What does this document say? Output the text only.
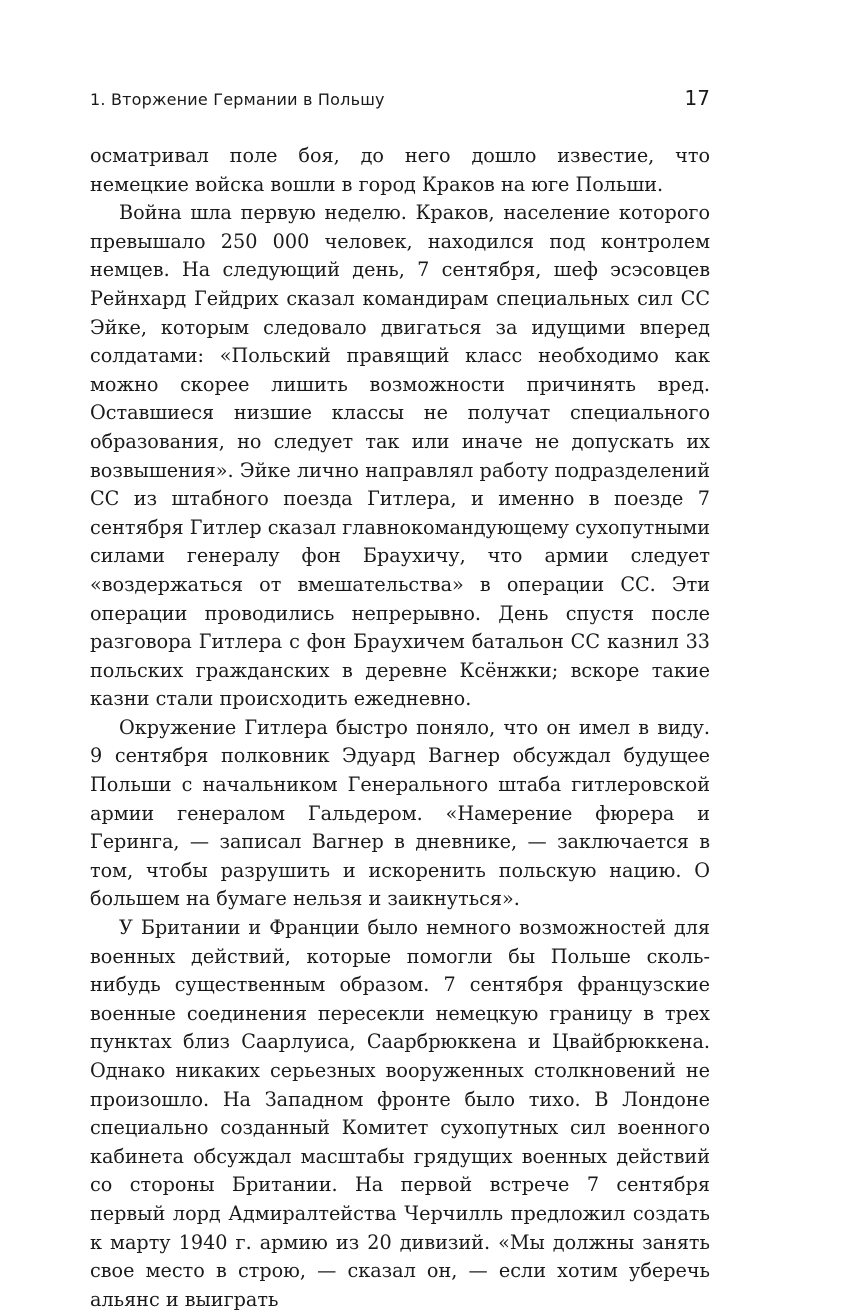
1. Вторжение Германии в Польшу	17

осматривал поле боя, до него дошло известие, что немецкие войска вошли в город Краков на юге Польши.

Война шла первую неделю. Краков, население которого превышало 250 000 человек, находился под контролем немцев. На следующий день, 7 сентября, шеф эсэсовцев Рейнхард Гейдрих сказал командирам специальных сил СС Эйке, которым следовало двигаться за идущими вперед солдатами: «Польский правящий класс необходимо как можно скорее лишить возможности причинять вред. Оставшиеся низшие классы не получат специального образования, но следует так или иначе не допускать их возвышения». Эйке лично направлял работу подразделений СС из штабного поезда Гитлера, и именно в поезде 7 сентября Гитлер сказал главнокомандующему сухопутными силами генералу фон Браухичу, что армии следует «воздержаться от вмешательства» в операции СС. Эти операции проводились непрерывно. День спустя после разговора Гитлера с фон Браухичем батальон СС казнил 33 польских гражданских в деревне Ксёнжки; вскоре такие казни стали происходить ежедневно.

Окружение Гитлера быстро поняло, что он имел в виду. 9 сентября полковник Эдуард Вагнер обсуждал будущее Польши с начальником Генерального штаба гитлеровской армии генералом Гальдером. «Намерение фюрера и Геринга, — записал Вагнер в дневнике, — заключается в том, чтобы разрушить и искоренить польскую нацию. О большем на бумаге нельзя и заикнуться».

У Британии и Франции было немного возможностей для военных действий, которые помогли бы Польше сколь-нибудь существенным образом. 7 сентября французские военные соединения пересекли немецкую границу в трех пунктах близ Саарлуиса, Саарбрюккена и Цвайбрюккена. Однако никаких серьезных вооруженных столкновений не произошло. На Западном фронте было тихо. В Лондоне специально созданный Комитет сухопутных сил военного кабинета обсуждал масштабы грядущих военных действий со стороны Британии. На первой встрече 7 сентября первый лорд Адмиралтейства Черчилль предложил создать к марту 1940 г. армию из 20 дивизий. «Мы должны занять свое место в строю, — сказал он, — если хотим уберечь альянс и выиграть
